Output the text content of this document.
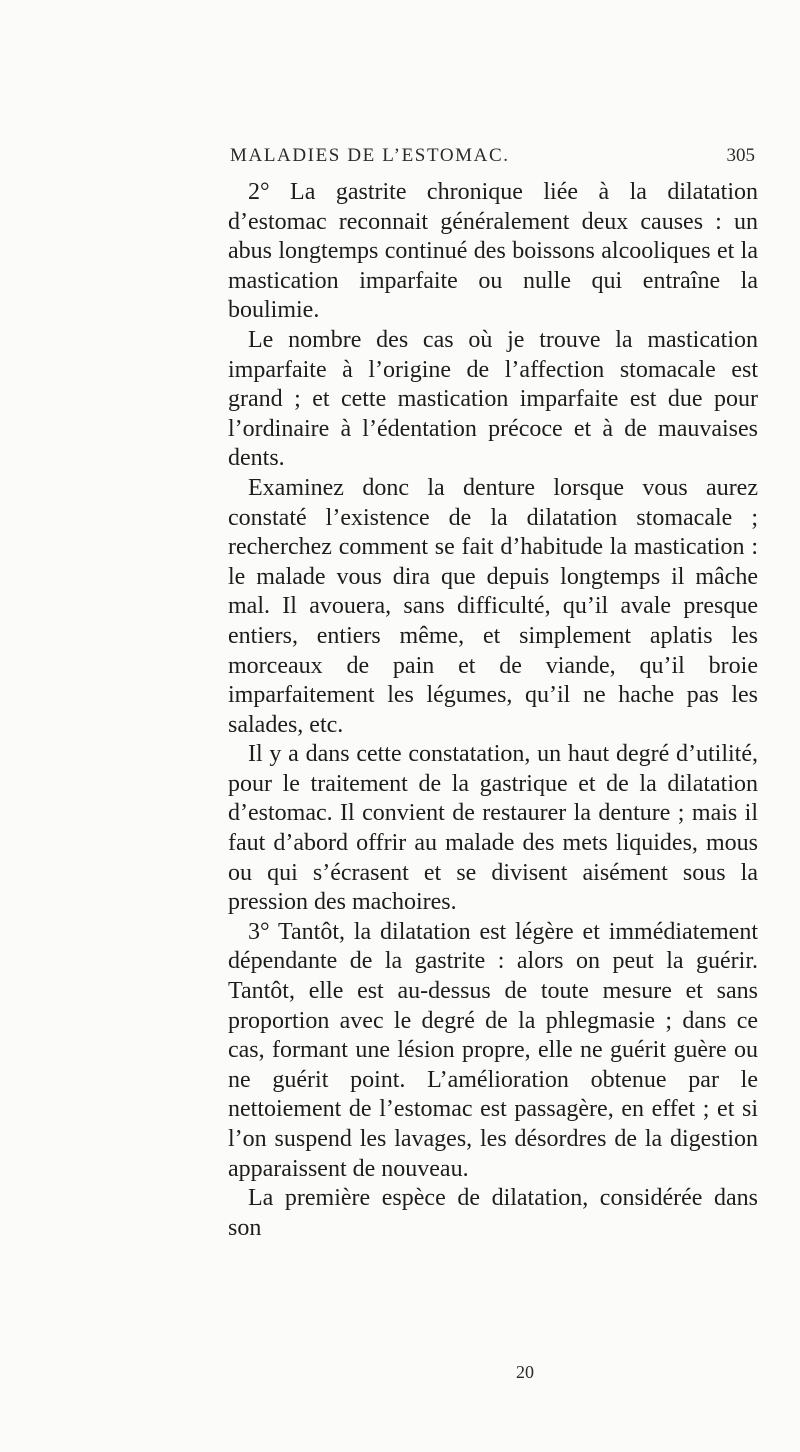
MALADIES DE L’ESTOMAC.	305

2° La gastrite chronique liée à la dilatation d’estomac reconnait généralement deux causes : un abus longtemps continué des boissons alcooliques et la mastication imparfaite ou nulle qui entraîne la boulimie.

Le nombre des cas où je trouve la mastication imparfaite à l’origine de l’affection stomacale est grand ; et cette mastication imparfaite est due pour l’ordinaire à l’édentation précoce et à de mauvaises dents.

Examinez donc la denture lorsque vous aurez constaté l’existence de la dilatation stomacale ; recherchez comment se fait d’habitude la mastication : le malade vous dira que depuis longtemps il mâche mal. Il avouera, sans difficulté, qu’il avale presque entiers, entiers même, et simplement aplatis les morceaux de pain et de viande, qu’il broie imparfaitement les légumes, qu’il ne hache pas les salades, etc.

Il y a dans cette constatation, un haut degré d’utilité, pour le traitement de la gastrique et de la dilatation d’estomac. Il convient de restaurer la denture ; mais il faut d’abord offrir au malade des mets liquides, mous ou qui s’écrasent et se divisent aisément sous la pression des machoires.

3° Tantôt, la dilatation est légère et immédiatement dépendante de la gastrite : alors on peut la guérir. Tantôt, elle est au-dessus de toute mesure et sans proportion avec le degré de la phlegmasie ; dans ce cas, formant une lésion propre, elle ne guérit guère ou ne guérit point. L’amélioration obtenue par le nettoiement de l’estomac est passagère, en effet ; et si l’on suspend les lavages, les désordres de la digestion apparaissent de nouveau.

La première espèce de dilatation, considérée dans son

20
